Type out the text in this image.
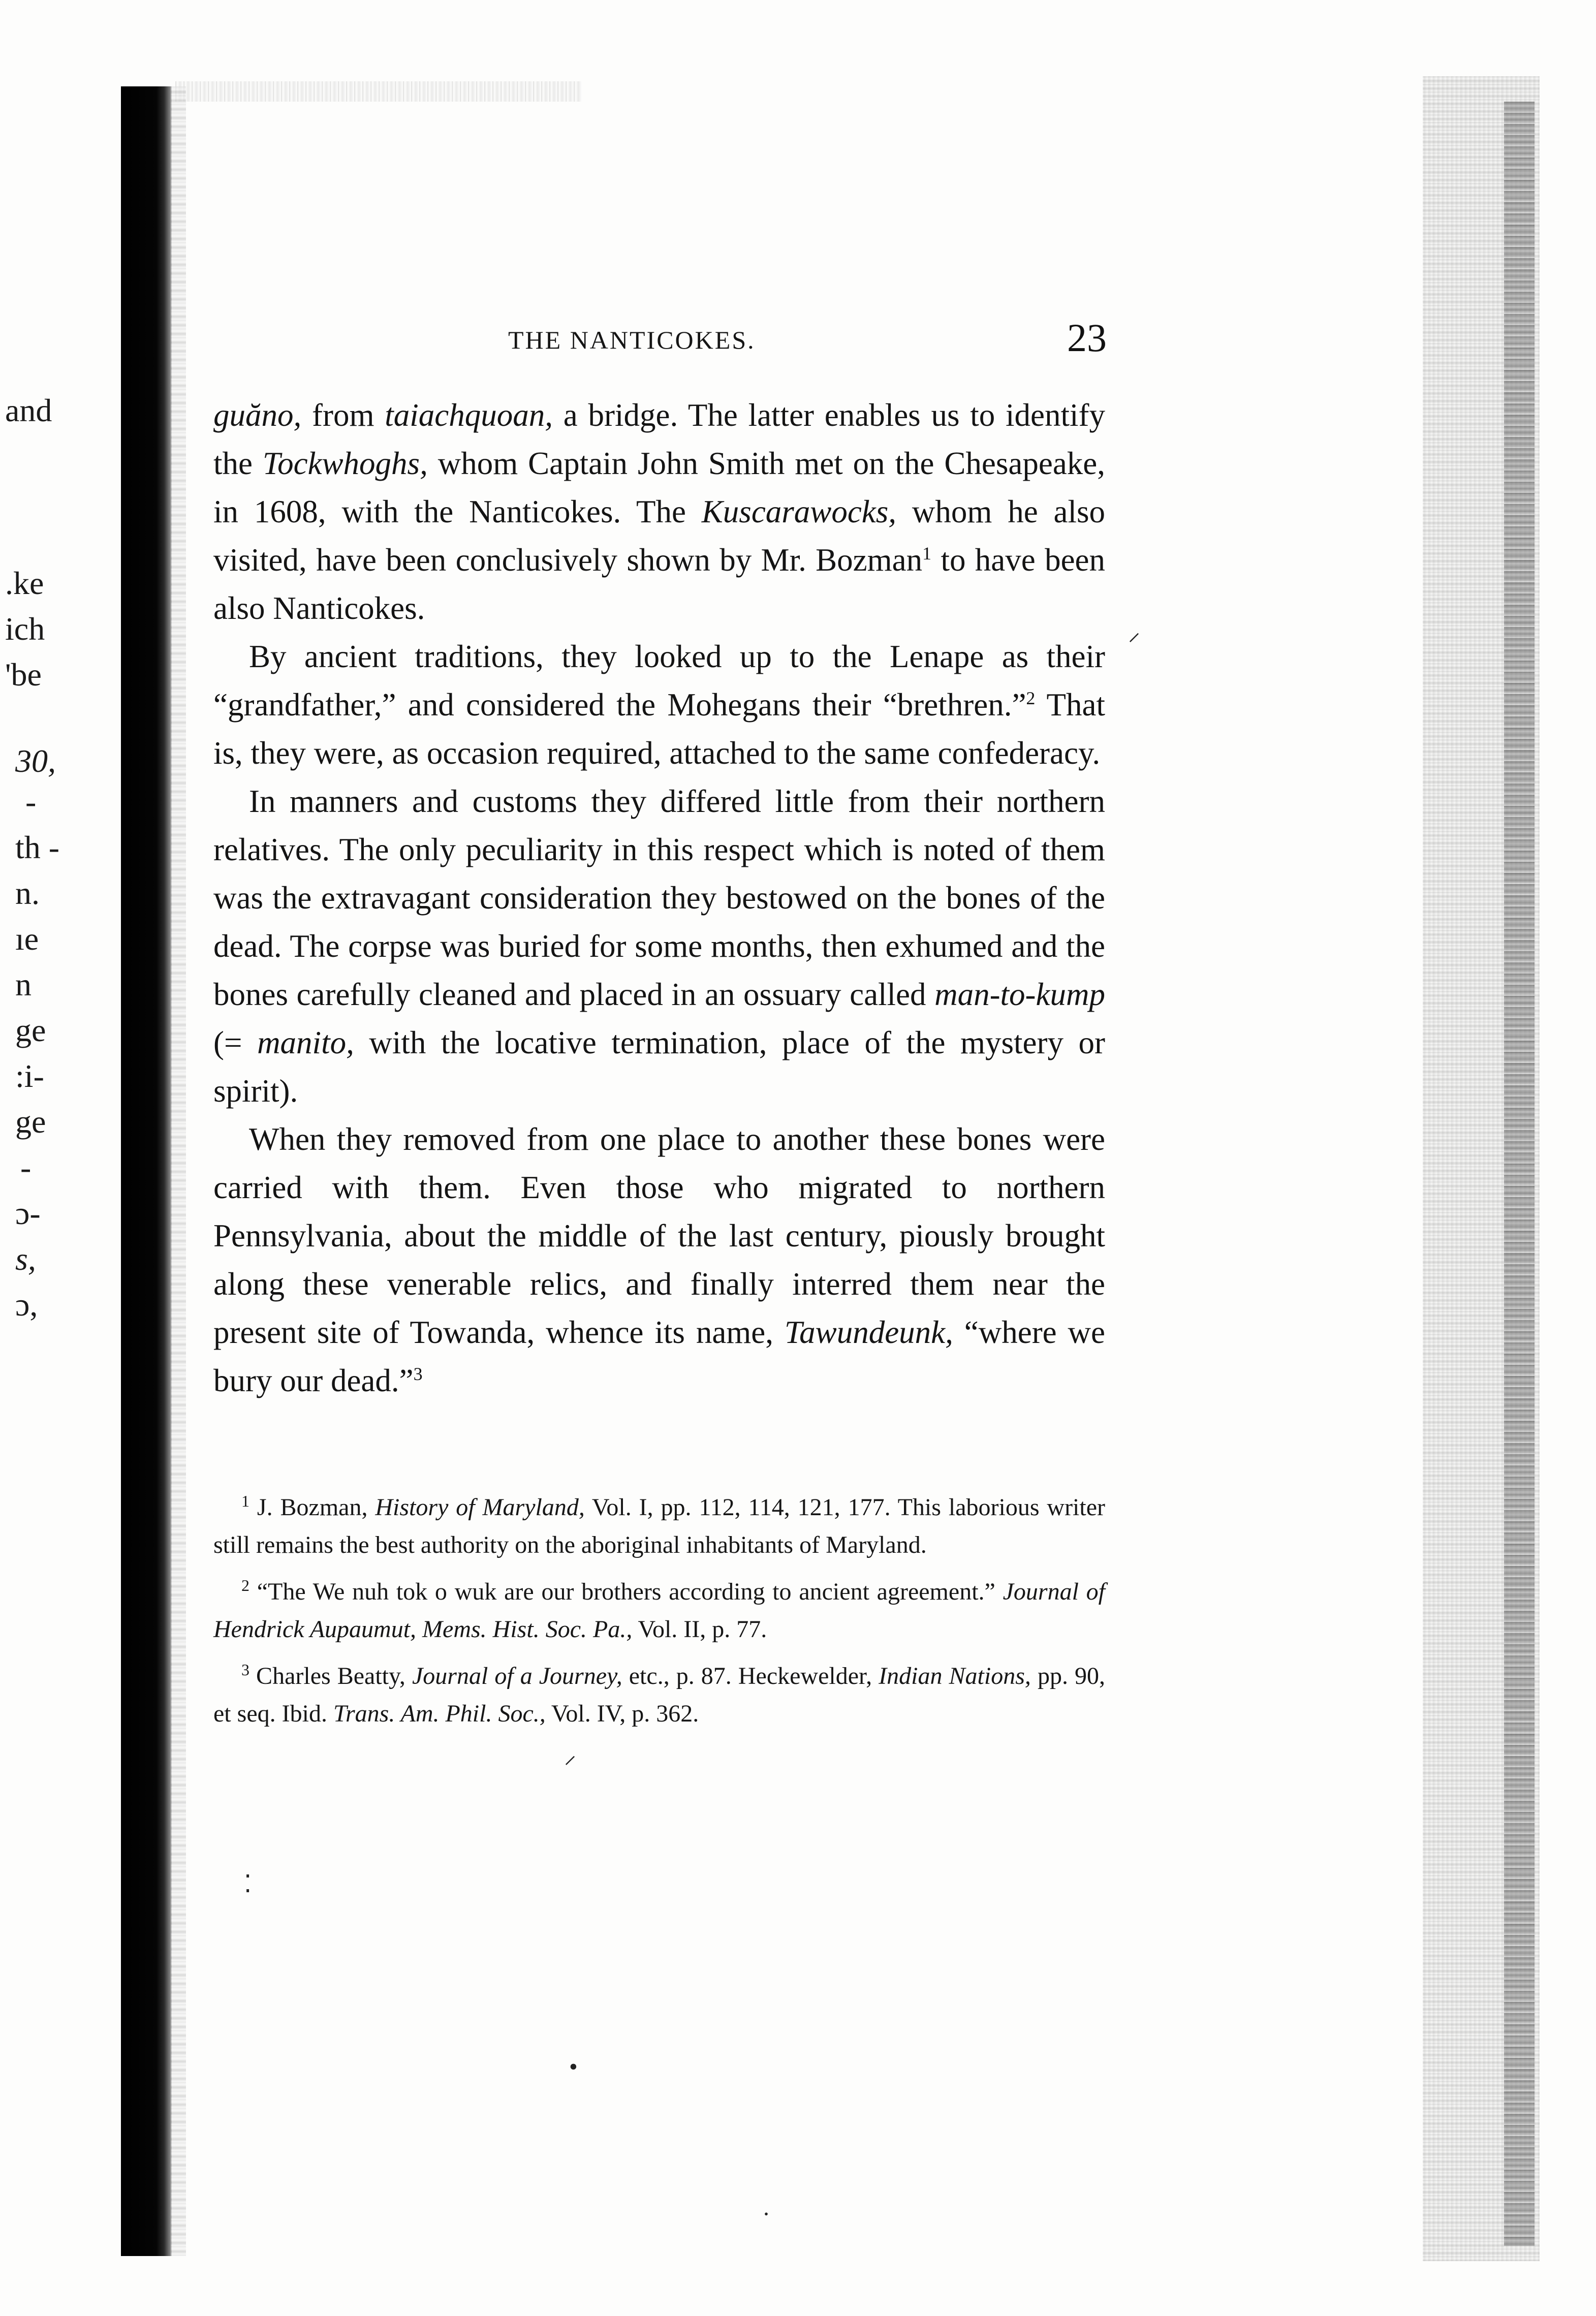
and
.ke
ich
'be
30,
-
th -
n.
ıe
n
ge
:i-
ge
-
ɔ-
s,
ɔ,
THE NANTICOKES.	23

guăno, from taiachquoan, a bridge. The latter enables us to identify the Tockwhoghs, whom Captain John Smith met on the Chesapeake, in 1608, with the Nanticokes. The Kuscarawocks, whom he also visited, have been conclusively shown by Mr. Bozman$^1$ to have been also Nanticokes.

By ancient traditions, they looked up to the Lenape as their “grandfather,” and considered the Mohegans their “brethren.”$^2$ That is, they were, as occasion required, attached to the same confederacy.

In manners and customs they differed little from their northern relatives. The only peculiarity in this respect which is noted of them was the extravagant consideration they bestowed on the bones of the dead. The corpse was buried for some months, then exhumed and the bones carefully cleaned and placed in an ossuary called man-to-kump (= manito, with the locative termination, place of the mystery or spirit).

When they removed from one place to another these bones were carried with them. Even those who migrated to northern Pennsylvania, about the middle of the last century, piously brought along these venerable relics, and finally interred them near the present site of Towanda, whence its name, Tawundeunk, “where we bury our dead.”$^3$

$^1$ J. Bozman, History of Maryland, Vol. I, pp. 112, 114, 121, 177. This laborious writer still remains the best authority on the aboriginal inhabitants of Maryland.

$^2$ “The We nuh tok o wuk are our brothers according to ancient agreement.” Journal of Hendrick Aupaumut, Mems. Hist. Soc. Pa., Vol. II, p. 77.

$^3$ Charles Beatty, Journal of a Journey, etc., p. 87. Heckewelder, Indian Nations, pp. 90, et seq. Ibid. Trans. Am. Phil. Soc., Vol. IV, p. 362.

⸝
⸍
•
⁚
·
